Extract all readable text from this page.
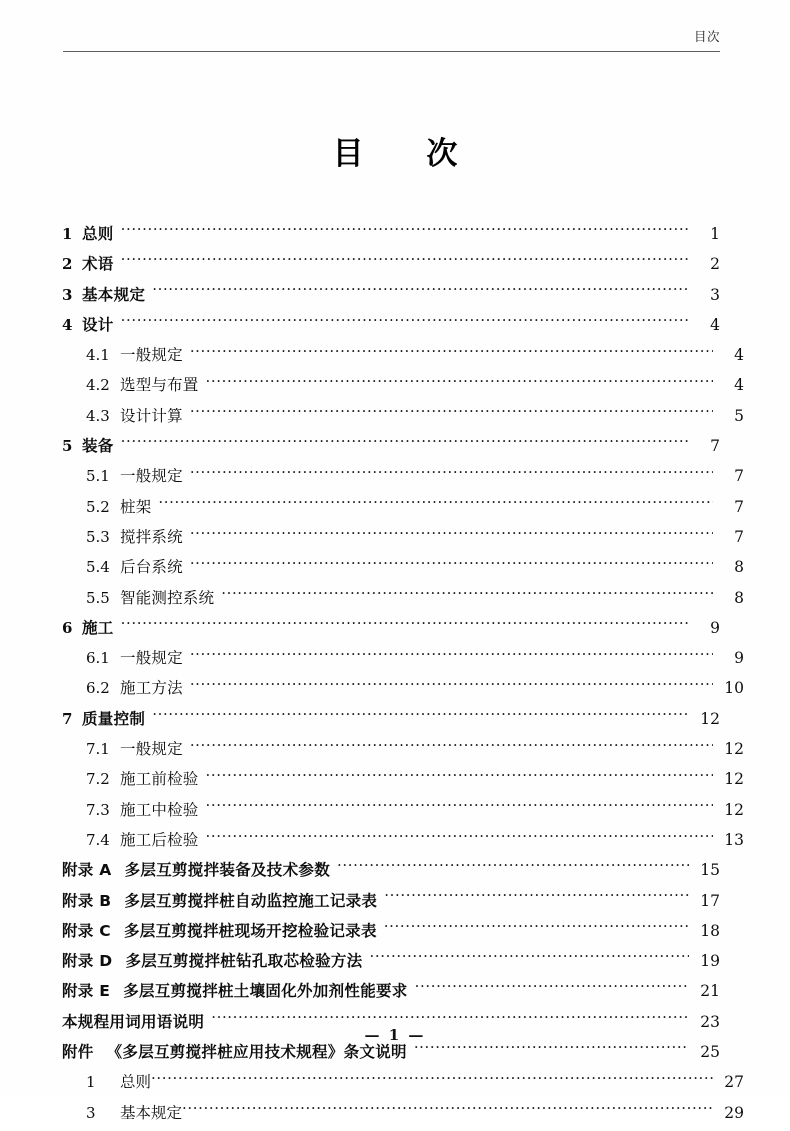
目次
目 次
1 总则 ·····	1
2 术语 ·····	2
3 基本规定 ·····	3
4 设计 ·····	4
4.1 一般规定 ·····	4
4.2 选型与布置 ·····	4
4.3 设计计算 ·····	5
5 装备 ·····	7
5.1 一般规定 ·····	7
5.2 桩架 ·····	7
5.3 搅拌系统 ·····	7
5.4 后台系统 ·····	8
5.5 智能测控系统 ·····	8
6 施工 ·····	9
6.1 一般规定 ·····	9
6.2 施工方法 ·····	10
7 质量控制 ·····	12
7.1 一般规定 ·····	12
7.2 施工前检验 ·····	12
7.3 施工中检验 ·····	12
7.4 施工后检验 ·····	13
附录 A 多层互剪搅拌装备及技术参数 ·····	15
附录 B 多层互剪搅拌桩自动监控施工记录表 ·····	17
附录 C 多层互剪搅拌桩现场开挖检验记录表 ·····	18
附录 D 多层互剪搅拌桩钻孔取芯检验方法 ·····	19
附录 E 多层互剪搅拌桩土壤固化外加剂性能要求 ·····	21
本规程用词用语说明 ·····	23
附件 《多层互剪搅拌桩应用技术规程》条文说明 ·····	25
1	总则 ·····	27
3	基本规定 ·····	29
— 1 —
